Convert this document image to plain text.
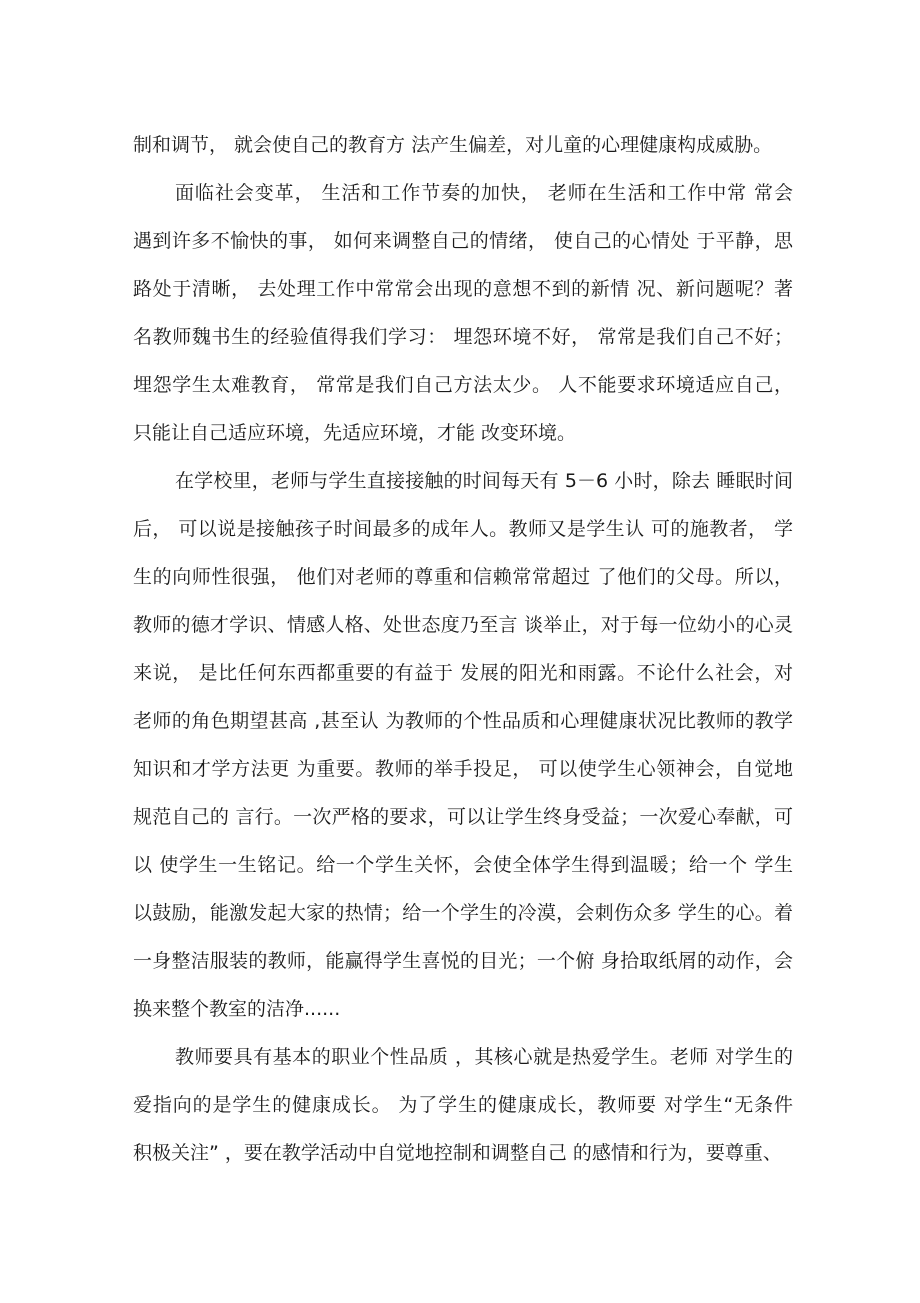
制和调节， 就会使自己的教育方 法产生偏差，对儿童的心理健康构成威胁。
面临社会变革， 生活和工作节奏的加快， 老师在生活和工作中常 常会
遇到许多不愉快的事， 如何来调整自己的情绪， 使自己的心情处 于平静，思
路处于清晰， 去处理工作中常常会出现的意想不到的新情 况、新问题呢？著
名教师魏书生的经验值得我们学习： 埋怨环境不好， 常常是我们自己不好；
埋怨学生太难教育， 常常是我们自己方法太少。 人不能要求环境适应自己，
只能让自己适应环境，先适应环境，才能 改变环境。
在学校里，老师与学生直接接触的时间每天有 5－6 小时，除去 睡眠时间
后， 可以说是接触孩子时间最多的成年人。教师又是学生认 可的施教者， 学
生的向师性很强， 他们对老师的尊重和信赖常常超过 了他们的父母。所以，
教师的德才学识、情感人格、处世态度乃至言 谈举止，对于每一位幼小的心灵
来说， 是比任何东西都重要的有益于 发展的阳光和雨露。不论什么社会，对
老师的角色期望甚高 ,甚至认 为教师的个性品质和心理健康状况比教师的教学
知识和才学方法更 为重要。教师的举手投足， 可以使学生心领神会，自觉地
规范自己的 言行。一次严格的要求，可以让学生终身受益；一次爱心奉献，可
以 使学生一生铭记。给一个学生关怀，会使全体学生得到温暖；给一个 学生
以鼓励，能激发起大家的热情；给一个学生的冷漠，会刺伤众多 学生的心。着
一身整洁服装的教师，能赢得学生喜悦的目光；一个俯 身拾取纸屑的动作，会
换来整个教室的洁净......
教师要具有基本的职业个性品质 ，其核心就是热爱学生。老师 对学生的
爱指向的是学生的健康成长。 为了学生的健康成长，教师要 对学生“无条件
积极关注” ，要在教学活动中自觉地控制和调整自己 的感情和行为，要尊重、
